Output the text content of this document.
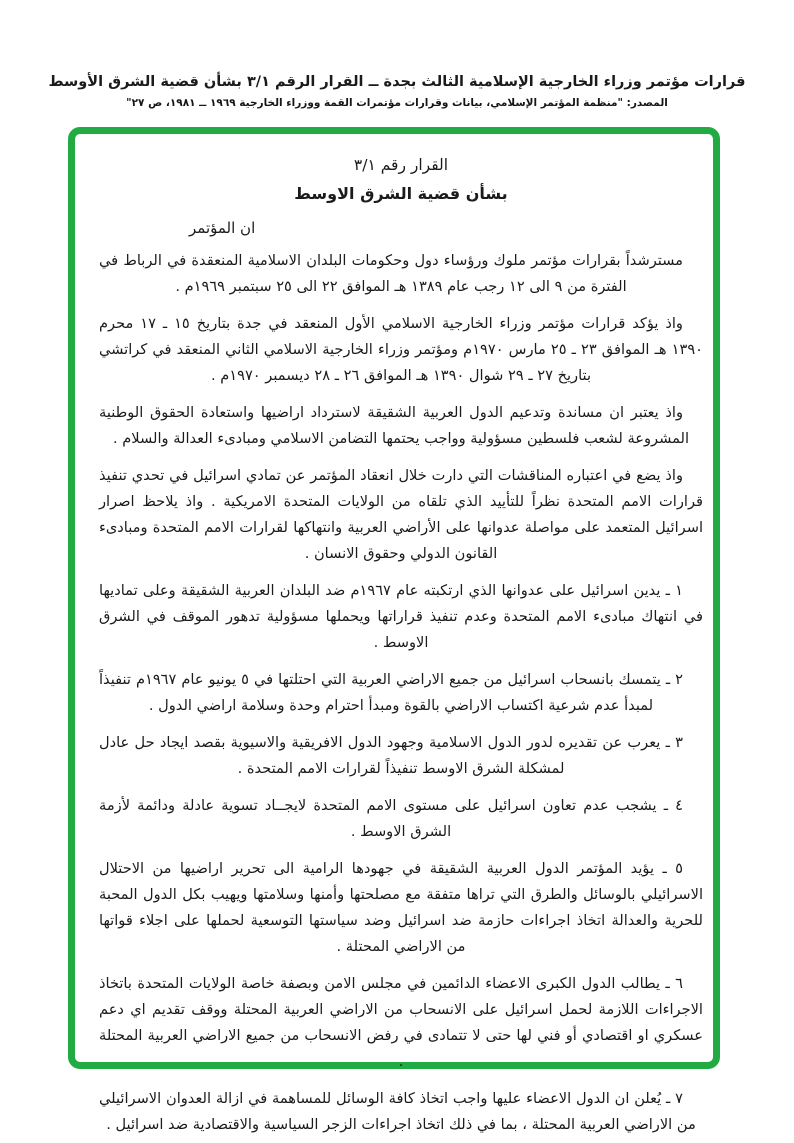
قرارات مؤتمر وزراء الخارجية الإسلامية الثالث بجدة ــ القرار الرقم ٣/١ بشأن قضية الشرق الأوسط
المصدر: "منظمة المؤتمر الإسلامي، بيانات وقرارات مؤتمرات القمة ووزراء الخارجية ١٩٦٩ ــ ١٩٨١، ص ٢٧"
القرار رقم ٣/١
بشأن قضية الشرق الاوسط
ان المؤتمر
مسترشداً بقرارات مؤتمر ملوك ورؤساء دول وحكومات البلدان الاسلامية المنعقدة في الرباط في الفترة من ٩ الى ١٢ رجب عام ١٣٨٩ هـ الموافق ٢٢ الى ٢٥ سبتمبر ١٩٦٩م .
واذ يؤكد قرارات مؤتمر وزراء الخارجية الاسلامي الأول المنعقد في جدة بتاريخ ١٥ ـ ١٧ محرم ١٣٩٠ هـ الموافق ٢٣ ـ ٢٥ مارس ١٩٧٠م ومؤتمر وزراء الخارجية الاسلامي الثاني المنعقد في كراتشي بتاريخ ٢٧ ـ ٢٩ شوال ١٣٩٠ هـ الموافق ٢٦ ـ ٢٨ ديسمبر ١٩٧٠م .
واذ يعتبر ان مساندة وتدعيم الدول العربية الشقيقة لاسترداد اراضيها واستعادة الحقوق الوطنية المشروعة لشعب فلسطين مسؤولية وواجب يحتمها التضامن الاسلامي ومبادىء العدالة والسلام .
واذ يضع في اعتباره المناقشات التي دارت خلال انعقاد المؤتمر عن تمادي اسرائيل في تحدي تنفيذ قرارات الامم المتحدة نظراً للتأييد الذي تلقاه من الولايات المتحدة الامريكية . واذ يلاحظ اصرار اسرائيل المتعمد على مواصلة عدوانها على الأراضي العربية وانتهاكها لقرارات الامم المتحدة ومبادىء القانون الدولي وحقوق الانسان .
١ ـ يدين اسرائيل على عدوانها الذي ارتكبته عام ١٩٦٧م ضد البلدان العربية الشقيقة وعلى تماديها في انتهاك مبادىء الامم المتحدة وعدم تنفيذ قراراتها ويحملها مسؤولية تدهور الموقف في الشرق الاوسط .
٢ ـ يتمسك بانسحاب اسرائيل من جميع الاراضي العربية التي احتلتها في ٥ يونيو عام ١٩٦٧م تنفيذاً لمبدأ عدم شرعية اكتساب الاراضي بالقوة ومبدأ احترام وحدة وسلامة اراضي الدول .
٣ ـ يعرب عن تقديره لدور الدول الاسلامية وجهود الدول الافريقية والاسيوية بقصد ايجاد حل عادل لمشكلة الشرق الاوسط تنفيذاً لقرارات الامم المتحدة .
٤ ـ يشجب عدم تعاون اسرائيل على مستوى الامم المتحدة لايجــاد تسوية عادلة ودائمة لأزمة الشرق الاوسط .
٥ ـ يؤيد المؤتمر الدول العربية الشقيقة في جهودها الرامية الى تحرير اراضيها من الاحتلال الاسرائيلي بالوسائل والطرق التي تراها متفقة مع مصلحتها وأمنها وسلامتها ويهيب بكل الدول المحبة للحرية والعدالة اتخاذ اجراءات حازمة ضد اسرائيل وضد سياستها التوسعية لحملها على اجلاء قواتها من الاراضي المحتلة .
٦ ـ يطالب الدول الكبرى الاعضاء الدائمين في مجلس الامن وبصفة خاصة الولايات المتحدة باتخاذ الاجراءات اللازمة لحمل اسرائيل على الانسحاب من الاراضي العربية المحتلة ووقف تقديم اي دعم عسكري او اقتصادي أو فني لها حتى لا تتمادى في رفض الانسحاب من جميع الاراضي العربية المحتلة .
٧ ـ يُعلن ان الدول الاعضاء عليها واجب اتخاذ كافة الوسائل للمساهمة في ازالة العدوان الاسرائيلي من الاراضي العربية المحتلة ، بما في ذلك اتخاذ اجراءات الزجر السياسية والاقتصادية ضد اسرائيل .
